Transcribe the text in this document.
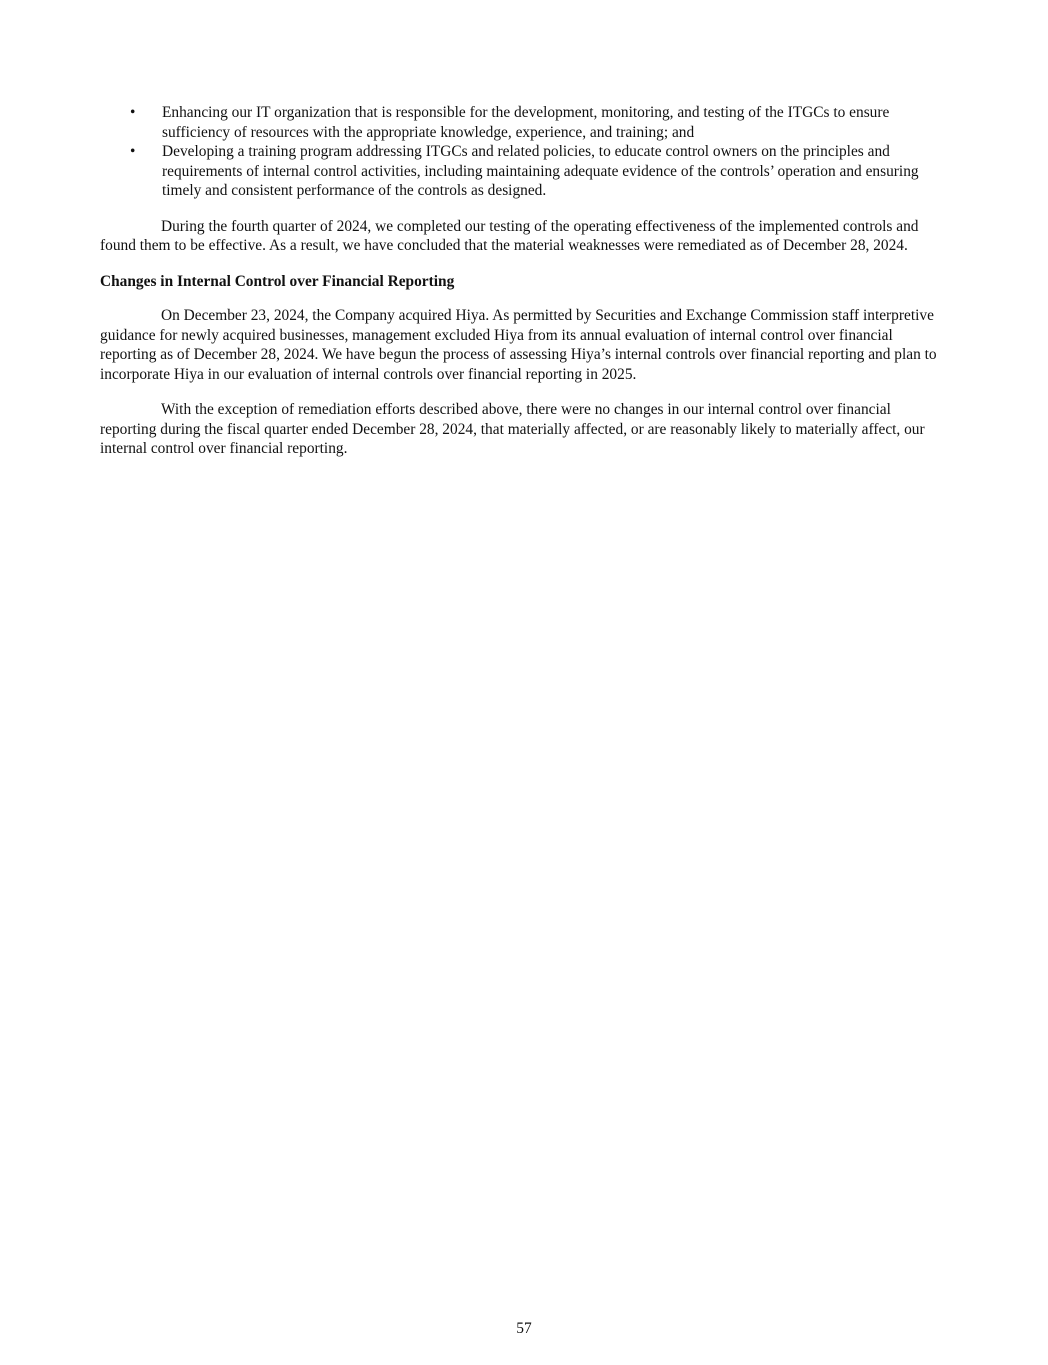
• Enhancing our IT organization that is responsible for the development, monitoring, and testing of the ITGCs to ensure sufficiency of resources with the appropriate knowledge, experience, and training; and
• Developing a training program addressing ITGCs and related policies, to educate control owners on the principles and requirements of internal control activities, including maintaining adequate evidence of the controls’ operation and ensuring timely and consistent performance of the controls as designed.

During the fourth quarter of 2024, we completed our testing of the operating effectiveness of the implemented controls and found them to be effective. As a result, we have concluded that the material weaknesses were remediated as of December 28, 2024.

Changes in Internal Control over Financial Reporting

On December 23, 2024, the Company acquired Hiya. As permitted by Securities and Exchange Commission staff interpretive guidance for newly acquired businesses, management excluded Hiya from its annual evaluation of internal control over financial reporting as of December 28, 2024. We have begun the process of assessing Hiya’s internal controls over financial reporting and plan to incorporate Hiya in our evaluation of internal controls over financial reporting in 2025.

With the exception of remediation efforts described above, there were no changes in our internal control over financial reporting during the fiscal quarter ended December 28, 2024, that materially affected, or are reasonably likely to materially affect, our internal control over financial reporting.

57
